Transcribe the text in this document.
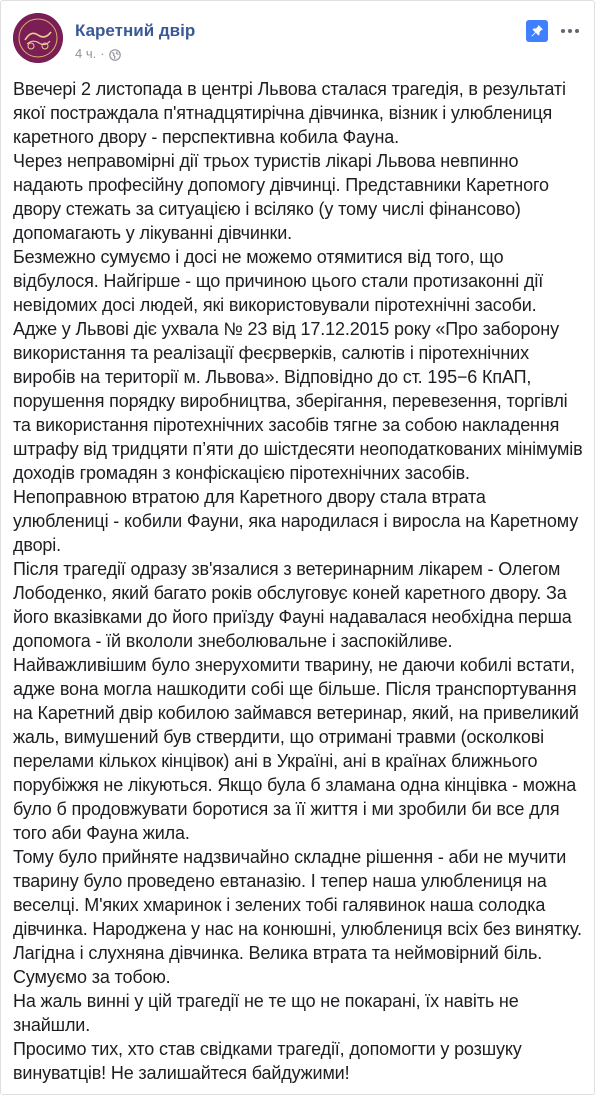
Каретний двір
4 ч. ·

Ввечері 2 листопада в центрі Львова сталася трагедія, в результаті якої постраждала п'ятнадцятирічна дівчинка, візник і улюблениця каретного двору - перспективна кобила Фауна.

Через неправомірні дії трьох туристів лікарі Львова невпинно надають професійну допомогу дівчинці. Представники Каретного двору стежать за ситуацією і всіляко (у тому числі фінансово) допомагають у лікуванні дівчинки.

Безмежно сумуємо і досі не можемо отямитися від того, що відбулося. Найгірше - що причиною цього стали протизаконні дії невідомих досі людей, які використовували піротехнічні засоби.

Адже у Львові діє ухвала № 23 від 17.12.2015 року «Про заборону використання та реалізації феєрверків, салютів і піротехнічних виробів на території м. Львова». Відповідно до ст. 195−6 КпАП, порушення порядку виробництва, зберігання, перевезення, торгівлі та використання піротехнічних засобів тягне за собою накладення штрафу від тридцяти п’яти до шістдесяти неоподаткованих мінімумів доходів громадян з конфіскацією піротехнічних засобів.

Непоправною втратою для Каретного двору стала втрата улюблениці - кобили Фауни, яка народилася і виросла на Каретному дворі.

Після трагедії одразу зв'язалися з ветеринарним лікарем - Олегом Лободенко, який багато років обслуговує коней каретного двору. За його вказівками до його приїзду Фауні надавалася необхідна перша допомога - їй вкололи знеболювальне і заспокійливе.

Найважливішим було знерухомити тварину, не даючи кобилі встати, адже вона могла нашкодити собі ще більше. Після транспортування на Каретний двір кобилою займався ветеринар, який, на привеликий жаль, вимушений був ствердити, що отримані травми (осколкові перелами кількох кінцівок) ані в Україні, ані в країнах ближнього порубіжжя не лікуються. Якщо була б зламана одна кінцівка - можна було б продовжувати боротися за її життя і ми зробили би все для того аби Фауна жила.

Тому було прийняте надзвичайно складне рішення - аби не мучити тварину було проведено евтаназію. І тепер наша улюблениця на веселці. М'яких хмаринок і зелених тобі галявинок наша солодка дівчинка. Народжена у нас на конюшні, улюблениця всіх без винятку. Лагідна і слухняна дівчинка. Велика втрата та неймовірний біль. Сумуємо за тобою.

На жаль винні у цій трагедії не те що не покарані, їх навіть не знайшли.

Просимо тих, хто став свідками трагедії, допомогти у розшуку винуватців! Не залишайтеся байдужими!
